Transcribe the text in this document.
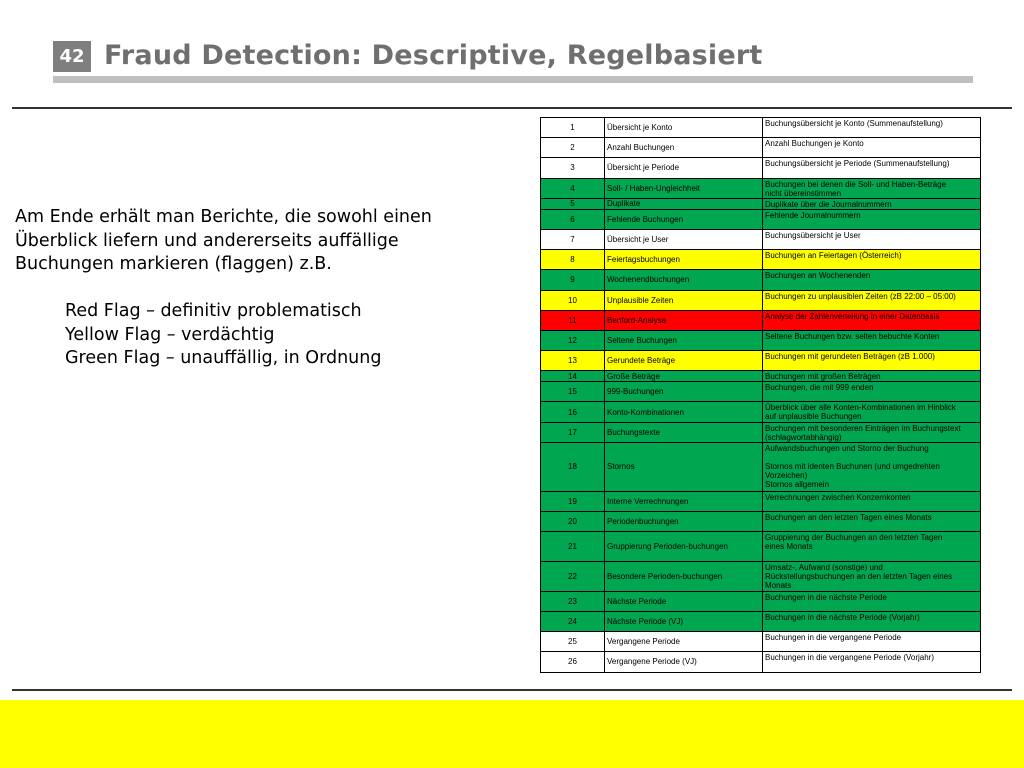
42 Fraud Detection: Descriptive, Regelbasiert

Am Ende erhält man Berichte, die sowohl einen

Überblick liefern und andererseits auffällige

Buchungen markieren (flaggen) z.B.

Red Flag – definitiv problematisch

Yellow Flag – verdächtig

Green Flag – unauffällig, in Ordnung

1	Übersicht je Konto	Buchungsübersicht je Konto (Summenaufstellung)

2	Anzahl Buchungen	Anzahl Buchungen je Konto

3	Übersicht je Periode	Buchungsübersicht je Periode (Summenaufstellung)

4	Soll- / Haben-Ungleichheit	Buchungen bei denen die Soll- und Haben-Beträge
nicht übereinstimmen

5	Duplikate	Duplikate über die Journalnummern

6	Fehlende Buchungen	Fehlende Journalnummern

7	Übersicht je User	Buchungsübersicht je User

8	Feiertagsbuchungen	Buchungen an Feiertagen (Österreich)

9	Wochenendbuchungen	Buchungen an Wochenenden

10	Unplausible Zeiten	Buchungen zu unplausiblen Zeiten (zB 22:00 – 05:00)

11	Benford-Analyse	Analyse der Zahlenverteilung in einer Datenbasis

12	Seltene Buchungen	Seltene Buchungen bzw. selten bebuchte Konten

13	Gerundete Beträge	Buchungen mit gerundeten Beträgen (zB 1.000)

14	Große Beträge	Buchungen mit großen Beträgen

15	999-Buchungen	Buchungen, die mit 999 enden

16	Konto-Kombinationen	Überblick über alle Konten-Kombinationen im Hinblick
auf unplausible Buchungen

17	Buchungstexte	Buchungen mit besonderen Einträgen im Buchungstext
(schlagwortabhängig)

18	Stornos	Aufwandsbuchungen und Storno der Buchung

Stornos mit identen Buchunen (und umgedrehten
Vorzeichen)
Stornos allgemein

19	Interne Verrechnungen	Verrechnungen zwischen Konzernkonten

20	Periodenbuchungen	Buchungen an den letzten Tagen eines Monats

21	Gruppierung Perioden-buchungen	Gruppierung der Buchungen an den letzten Tagen
eines Monats

22	Besondere Perioden-buchungen	Umsatz-, Aufwand (sonstige) und
Rückstellungsbuchungen an den letzten Tagen eines
Monats

23	Nächste Periode	Buchungen in die nächste Periode

24	Nächste Periode (VJ)	Buchungen in die nächste Periode (Vorjahr)

25	Vergangene Periode	Buchungen in die vergangene Periode

26	Vergangene Periode (VJ)	Buchungen in die vergangene Periode (Vorjahr)
